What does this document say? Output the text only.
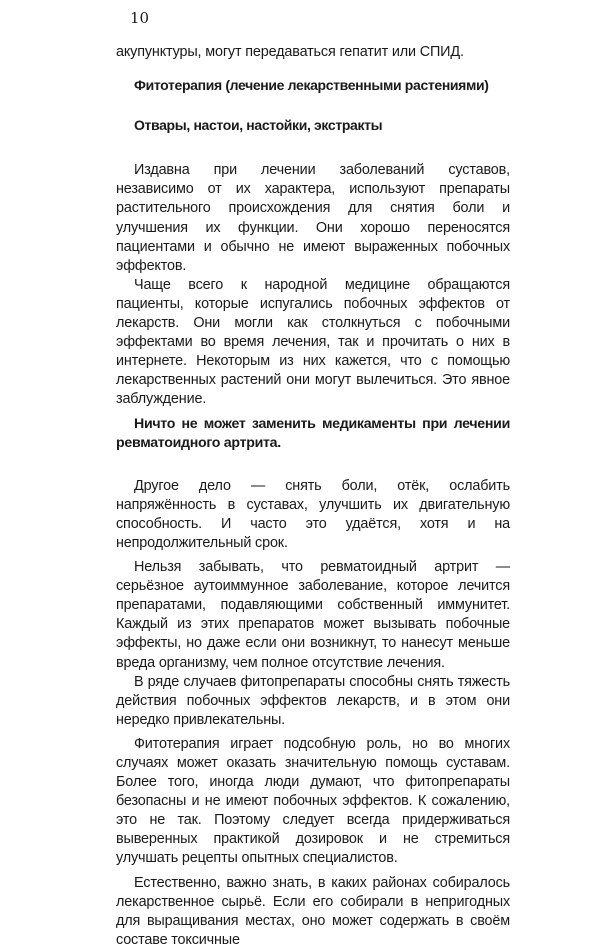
10

акупунктуры, могут передаваться гепатит или СПИД.

Фитотерапия (лечение лекарственными растениями)

Отвары, настои, настойки, экстракты

Издавна при лечении заболеваний суставов, независимо от их характера, используют препараты растительного происхождения для снятия боли и улучшения их функции. Они хорошо переносятся пациентами и обычно не имеют выраженных побочных эффектов.

Чаще всего к народной медицине обращаются пациенты, которые испугались побочных эффектов от лекарств. Они могли как столкнуться с побочными эффектами во время лечения, так и прочитать о них в интернете. Некоторым из них кажется, что с помощью лекарственных растений они могут вылечиться. Это явное заблуждение.

Ничто не может заменить медикаменты при лечении ревматоидного артрита.

Другое дело — снять боли, отёк, ослабить напряжённость в суставах, улучшить их двигательную способность. И часто это удаётся, хотя и на непродолжительный срок.

Нельзя забывать, что ревматоидный артрит — серьёзное аутоиммунное заболевание, которое лечится препаратами, подавляющими собственный иммунитет. Каждый из этих препаратов может вызывать побочные эффекты, но даже если они возникнут, то нанесут меньше вреда организму, чем полное отсутствие лечения.

В ряде случаев фитопрепараты способны снять тяжесть действия побочных эффектов лекарств, и в этом они нередко привлекательны.

Фитотерапия играет подсобную роль, но во многих случаях может оказать значительную помощь суставам. Более того, иногда люди думают, что фитопрепараты безопасны и не имеют побочных эффектов. К сожалению, это не так. Поэтому следует всегда придерживаться выверенных практикой дозировок и не стремиться улучшать рецепты опытных специалистов.

Естественно, важно знать, в каких районах собиралось лекарственное сырьё. Если его собирали в непригодных для выращивания местах, оно может содержать в своём составе токсичные
